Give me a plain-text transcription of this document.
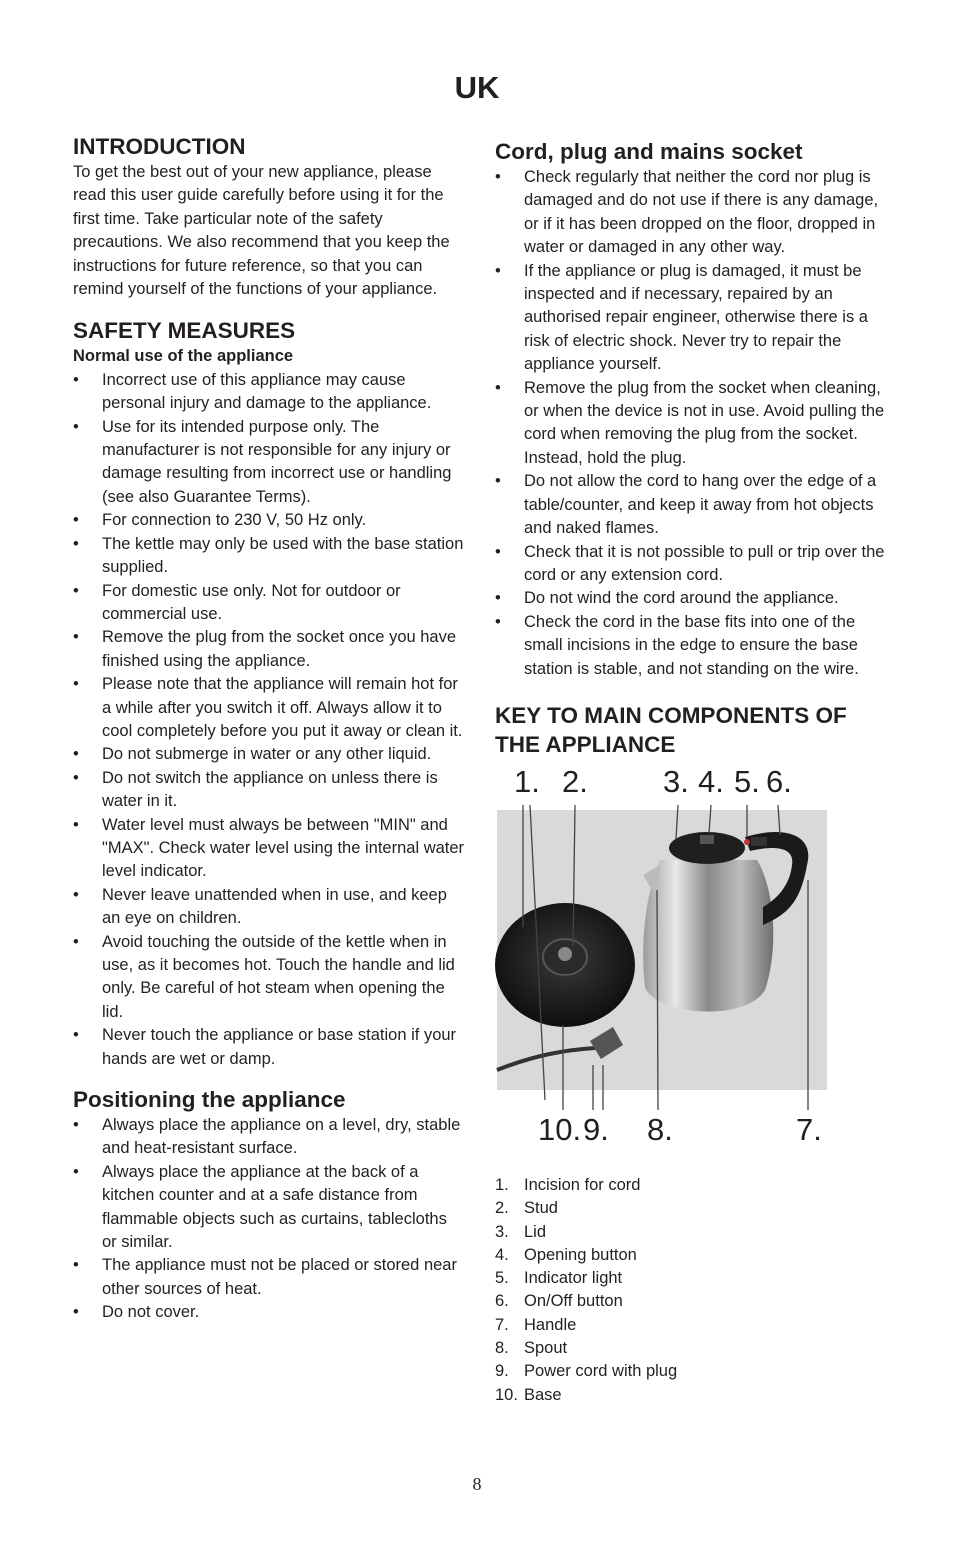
UK
INTRODUCTION

To get the best out of your new appliance, please read this user guide carefully before using it for the first time. Take particular note of the safety precautions. We also recommend that you keep the instructions for future reference, so that you can remind yourself of the functions of your appliance.

SAFETY MEASURES
Normal use of the appliance
•	Incorrect use of this appliance may cause personal injury and damage to the appliance.
•	Use for its intended purpose only. The manufacturer is not responsible for any injury or damage resulting from incorrect use or handling (see also Guarantee Terms).
•	For connection to 230 V, 50 Hz only.
•	The kettle may only be used with the base station supplied.
•	For domestic use only. Not for outdoor or commercial use.
•	Remove the plug from the socket once you have finished using the appliance.
•	Please note that the appliance will remain hot for a while after you switch it off. Always allow it to cool completely before you put it away or clean it.
•	Do not submerge in water or any other liquid.
•	Do not switch the appliance on unless there is water in it.
•	Water level must always be between "MIN" and "MAX". Check water level using the internal water level indicator.
•	Never leave unattended when in use, and keep an eye on children.
•	Avoid touching the outside of the kettle when in use, as it becomes hot. Touch the handle and lid only. Be careful of hot steam when opening the lid.
•	Never touch the appliance or base station if your hands are wet or damp.
Positioning the appliance
•	Always place the appliance on a level, dry, stable and heat-resistant surface.
•	Always place the appliance at the back of a kitchen counter and at a safe distance from flammable objects such as curtains, tablecloths or similar.
•	The appliance must not be placed or stored near other sources of heat.
•	Do not cover.
Cord, plug and mains socket
•	Check regularly that neither the cord nor plug is damaged and do not use if there is any damage, or if it has been dropped on the floor, dropped in water or damaged in any other way.
•	If the appliance or plug is damaged, it must be inspected and if necessary, repaired by an authorised repair engineer, otherwise there is a risk of electric shock. Never try to repair the appliance yourself.
•	Remove the plug from the socket when cleaning, or when the device is not in use. Avoid pulling the cord when removing the plug from the socket. Instead, hold the plug.
•	Do not allow the cord to hang over the edge of a table/counter, and keep it away from hot objects and naked flames.
•	Check that it is not possible to pull or trip over the cord or any extension cord.
•	Do not wind the cord around the appliance.
•	Check the cord in the base fits into one of the small incisions in the edge to ensure the base station is stable, and not standing on the wire.
KEY TO MAIN COMPONENTS OF THE APPLIANCE
1. 2. 3. 4. 5. 6.
10. 9. 8.	7.
1. Incision for cord
2. Stud
3. Lid
4. Opening button
5. Indicator light
6. On/Off button
7. Handle
8. Spout
9. Power cord with plug
10. Base
8
